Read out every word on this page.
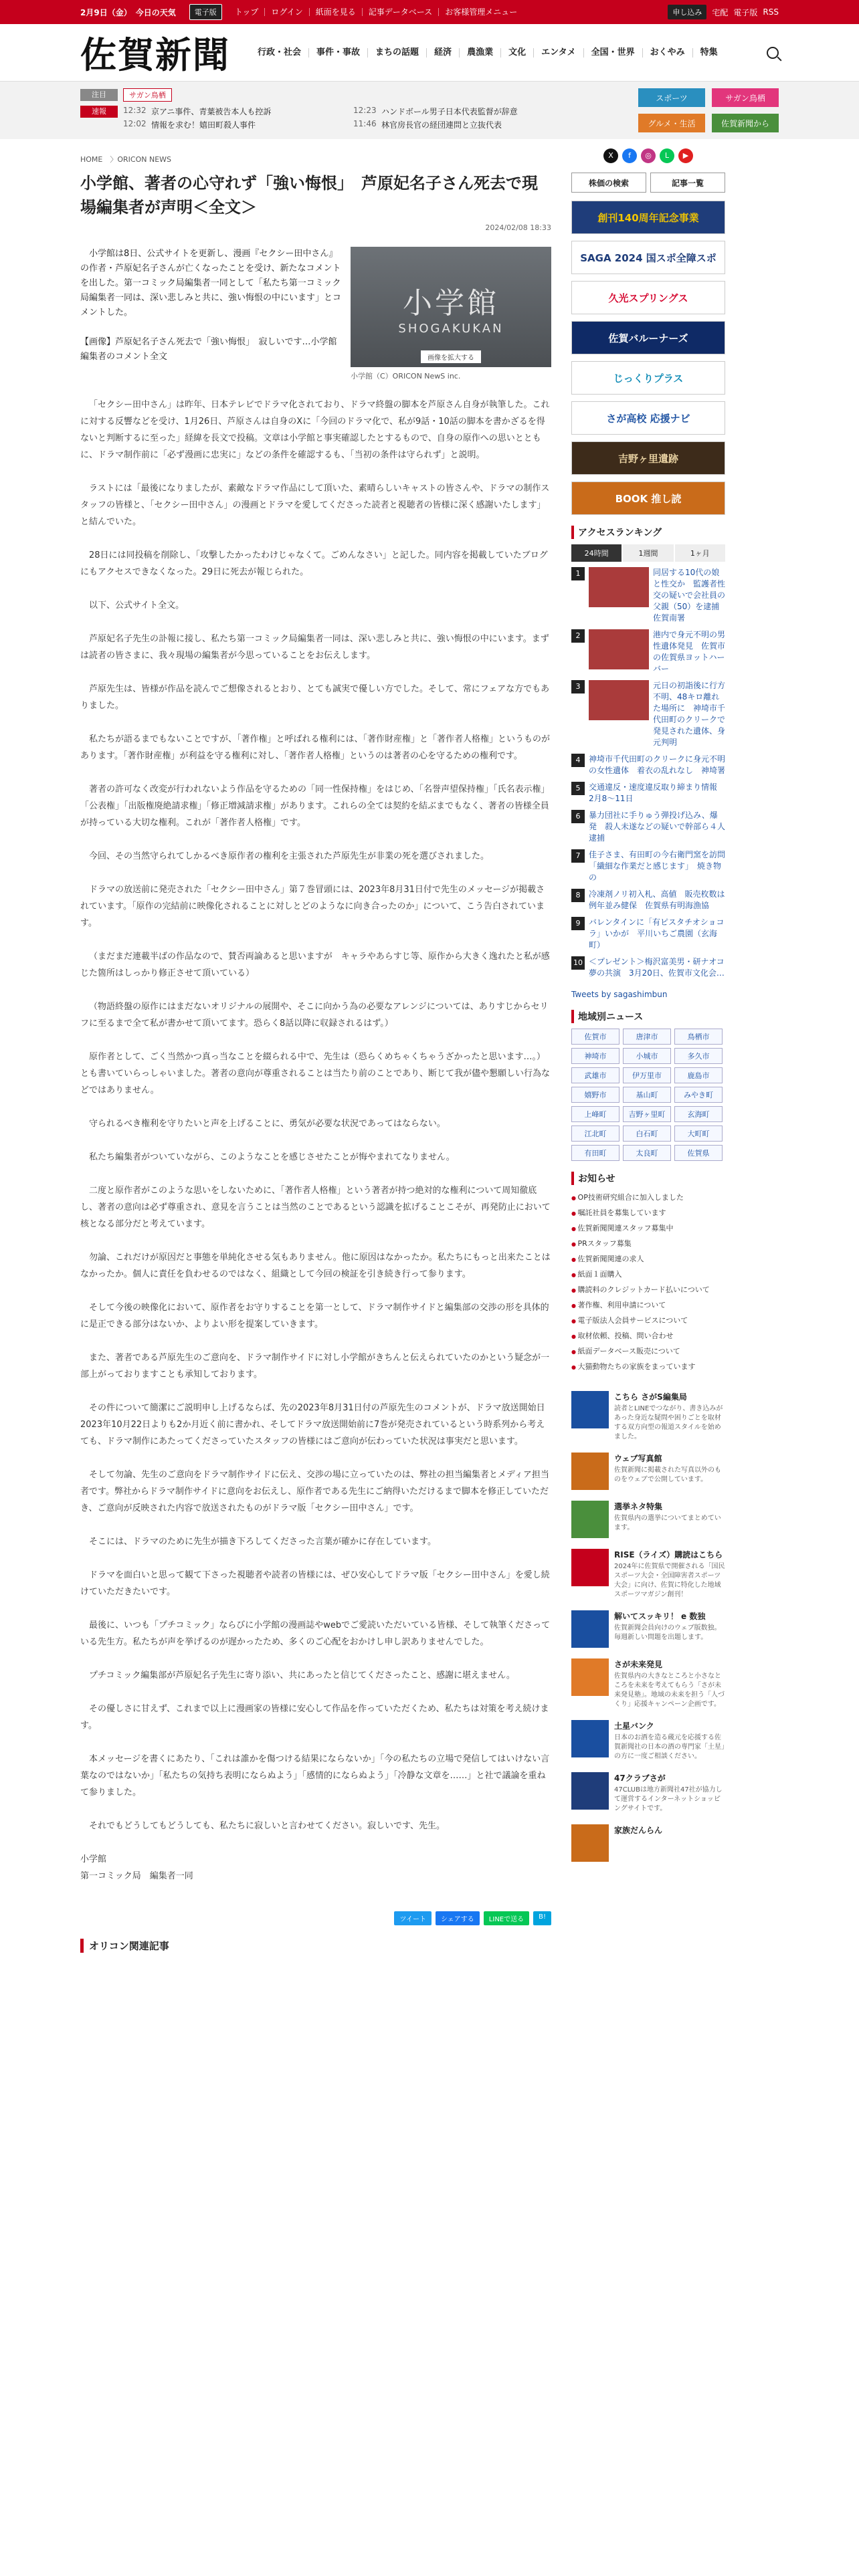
2月9日（金） 今日の天気	電子版	トップ	ログイン	紙面を見る	記事データベース	お客様管理メニュー	申し込み	宅配 電子版 RSS
佐賀新聞	行政・社会	事件・事故	まちの話題	経済	農漁業	文化	エンタメ	全国・世界	おくやみ	特集
注目	サガン鳥栖
速報	12:32 京アニ事件、青葉被告本人も控訴	12:23 ハンドボール男子日本代表監督が辞意
12:02 情報を求む！嬉田町殺人事件	11:46 林官房長官の経団連問と立抜代表
スポーツ	サガン鳥栖
グルメ・生活	佐賀新聞から
HOME　〉ORICON NEWS
小学館、著者の心守れず「強い悔恨」　芦原妃名子さん死去で現場編集者が声明＜全文＞
2024/02/08 18:33

小学館は8日、公式サイトを更新し、漫画『セクシー田中さん』の作者・芦原妃名子さんが亡くなったことを受け、新たなコメントを出した。第一コミック局編集者一同として「私たち第一コミック局編集者一同は、深い悲しみと共に、強い悔恨の中にいます」とコメントした。

【画像】芦原妃名子さん死去で「強い悔恨」　寂しいです…小学館編集者のコメント全文

小学館
SHOGAKUKAN
画像を拡大する
小学館（C）ORICON NewS inc.

「セクシー田中さん」は昨年、日本テレビでドラマ化されており、ドラマ終盤の脚本を芦原さん自身が執筆した。これに対する反響などを受け、1月26日、芦原さんは自身のXに「今回のドラマ化で、私が9話・10話の脚本を書かざるを得ないと判断するに至った」経緯を長文で投稿。文章は小学館と事実確認したとするもので、自身の原作への思いとともに、ドラマ制作前に「必ず漫画に忠実に」などの条件を確認するも、「当初の条件は守られず」と説明。

ラストには「最後になりましたが、素敵なドラマ作品にして頂いた、素晴らしいキャストの皆さんや、ドラマの制作スタッフの皆様と、「セクシー田中さん」の漫画とドラマを愛してくださった読者と視聴者の皆様に深く感謝いたします」と結んでいた。

28日には同投稿を削除し、「攻撃したかったわけじゃなくて。ごめんなさい」と記した。同内容を掲載していたブログにもアクセスできなくなった。29日に死去が報じられた。

以下、公式サイト全文。

芦原妃名子先生の訃報に接し、私たち第一コミック局編集者一同は、深い悲しみと共に、強い悔恨の中にいます。まずは読者の皆さまに、我々現場の編集者が今思っていることをお伝えします。

芦原先生は、皆様が作品を読んでご想像されるとおり、とても誠実で優しい方でした。そして、常にフェアな方でもありました。

私たちが語るまでもないことですが、「著作権」と呼ばれる権利には、「著作財産権」と「著作者人格権」というものがあります。「著作財産権」が利益を守る権利に対し、「著作者人格権」というのは著者の心を守るための権利です。

著者の許可なく改変が行われないよう作品を守るための「同一性保持権」をはじめ、「名誉声望保持権」「氏名表示権」「公表権」「出版権廃絶請求権」「修正増減請求権」があります。これらの全ては契約を結ぶまでもなく、著者の皆様全員が持っている大切な権利。これが「著作者人格権」です。

今回、その当然守られてしかるべき原作者の権利を主張された芦原先生が非業の死を選びされました。

ドラマの放送前に発売された「セクシー田中さん」第７巻冒頭には、2023年8月31日付で先生のメッセージが掲載されています。「原作の完結前に映像化されることに対しとどのようなに向き合ったのか」について、こう告白されています。

（まだまだ連載半ばの作品なので、賛否両論あると思いますが　キャラやあらすじ等、原作から大きく逸れたと私が感じた箇所はしっかり修正させて頂いている）

（物語終盤の原作にはまだないオリジナルの展開や、そこに向かう為の必要なアレンジについては、ありすじからセリフに至るまで全て私が書かせて頂いてます。恐らく8話以降に収録されるはず。）

原作者として、ごく当然かつ真っ当なことを綴られる中で、先生は（恐らくめちゃくちゃうざかったと思います…。）とも書いていらっしゃいました。著者の意向が尊重されることは当たり前のことであり、断じて我が儘や懇願しい行為などではありません。

守られるべき権利を守りたいと声を上げることに、勇気が必要な状況であってはならない。

私たち編集者がついていながら、このようなことを感じさせたことが悔やまれてなりません。

二度と原作者がこのような思いをしないために、「著作者人格権」という著者が持つ絶対的な権利について周知徹底し、著者の意向は必ず尊重され、意見を言うことは当然のことであるという認識を拡げることこそが、再発防止において核となる部分だと考えています。

勿論、これだけが原因だと事態を単純化させる気もありません。他に原因はなかったか。私たちにもっと出来たことはなかったか。個人に責任を負わせるのではなく、組織として今回の検証を引き続き行って参ります。

そして今後の映像化において、原作者をお守りすることを第一として、ドラマ制作サイドと編集部の交渉の形を具体的に是正できる部分はないか、よりよい形を提案していきます。

また、著者である芦原先生のご意向を、ドラマ制作サイドに対し小学館がきちんと伝えられていたのかという疑念が一部上がっておりますことも承知しております。

その件について簡潔にご説明申し上げるならば、先の2023年8月31日付の芦原先生のコメントが、ドラマ放送開始日2023年10月22日よりも2か月近く前に書かれ、そしてドラマ放送開始前に7巻が発売されているという時系列から考えても、ドラマ制作にあたってくださっていたスタッフの皆様にはご意向が伝わっていた状況は事実だと思います。

そして勿論、先生のご意向をドラマ制作サイドに伝え、交渉の場に立っていたのは、弊社の担当編集者とメディア担当者です。弊社からドラマ制作サイドに意向をお伝えし、原作者である先生にご納得いただけるまで脚本を修正していただき、ご意向が反映された内容で放送されたものがドラマ版「セクシー田中さん」です。

そこには、ドラマのために先生が描き下ろしてくださった言葉が確かに存在しています。

ドラマを面白いと思って観て下さった視聴者や読者の皆様には、ぜひ安心してドラマ版「セクシー田中さん」を愛し続けていただきたいです。

最後に、いつも「プチコミック」ならびに小学館の漫画誌やwebでご愛読いただいている皆様、そして執筆くださっている先生方。私たちが声を挙げるのが遅かったため、多くのご心配をおかけし申し訳ありませんでした。

プチコミック編集部が芦原妃名子先生に寄り添い、共にあったと信じてくださったこと、感謝に堪えません。

その優しさに甘えず、これまで以上に漫画家の皆様に安心して作品を作っていただくため、私たちは対策を考え続けます。

本メッセージを書くにあたり、「これは誰かを傷つける結果にならないか」「今の私たちの立場で発信してはいけない言葉なのではないか」「私たちの気持ち表明にならぬよう」「感情的にならぬよう」「冷静な文章を……」と社で議論を重ねて参りました。

それでもどうしてもどうしても、私たちに寂しいと言わせてください。寂しいです、先生。

小学館
第一コミック局　編集者一同
ツイート	シェアする	LINEで送る	B!
オリコン関連記事
X	f	◎	L	▶
株価の検索	記事一覧
創刊140周年記念事業
SAGA 2024 国スポ全障スポ
久光スプリングス
佐賀バルーナーズ
じっくりプラス
さが高校 応援ナビ
吉野ヶ里遺跡
BOOK 推し読
アクセスランキング
24時間	1週間	1ヶ月
1	同居する10代の娘と性交か　監護者性交の疑いで会社員の父親（50）を逮捕　佐賀南署
2	港内で身元不明の男性遺体発見　佐賀市の佐賀県ヨットハーバー
3	元日の初詣後に行方不明、48キロ離れた場所に　神埼市千代田町のクリークで発見された遺体、身元判明
4	神埼市千代田町のクリークに身元不明の女性遺体　着衣の乱れなし　神埼署
5	交通違反・速度違反取り締まり情報　2月8〜11日
6	暴力団社に手りゅう弾投げ込み、爆発　殺人未遂などの疑いで幹部ら４人逮捕
7	佳子さま、有田町の今右衛門窯を訪問　「繊細な作業だと感じます」　焼き物の
8	冷凍剤ノリ初入札、高値　販売枚数は例年並み健保　佐賀県有明海漁協
9	バレンタインに「有ピスタチオショコラ」いかが　平川いちご農園（玄海町）
10 ＜プレゼント＞梅沢富美男・研ナオコ 夢の共演　3月20日、佐賀市文化会…
Tweets by sagashimbun
地域別ニュース
佐賀市	唐津市	鳥栖市
神埼市	小城市	多久市
武雄市	伊万里市	鹿島市
嬉野市	基山町	みやき町
上峰町	吉野ヶ里町	玄海町
江北町	白石町	大町町
有田町	太良町	佐賀県
お知らせ
● OP技術研究組合に加入しました
● 嘱託社員を募集しています
● 佐賀新聞関連スタッフ募集中
● PRスタッフ募集
● 佐賀新聞関連の求人
● 紙面１面購入
● 購読料のクレジットカード払いについて
● 著作権、利用申請について
● 電子版法人会員サービスについて
● 取材依頼、投稿、問い合わせ
● 紙面データベース販売について
● 大猫動物たちの家族をまっています
こちら さがS編集局
読者とLINEでつながり、書き込みがあった身近な疑問や困りごとを取材する双方向型の報道スタイルを始めました。
ウェブ写真館
佐賀新聞に掲載された写真以外のものをウェブで公開しています。
選挙ネタ特集
佐賀県内の選挙についてまとめています。
RISE（ライズ）購読はこちら
2024年に佐賀県で開催される「国民スポーツ大会・全国障害者スポーツ大会」に向け、佐賀に特化した地域スポーツマガジン創刊！
解いてスッキリ！ e 数独
佐賀新聞会員向けのウェブ版数独。毎週新しい問題を出題します。
さが未来発見
佐賀県内の大きなところと小さなところを未来を考えてもらう「さが未来発見塾」。地域の未来を担う「人づくり」応援キャンペーン企画です。
土星バンク
日本のお酒を造る蔵元を応援する佐賀新聞社の日本の酒の専門家「土星」の方に一度ご相談ください。
47クラブさが
47CLUBは地方新聞社47社が協力して運営するインターネットショッピングサイトです。
家族だんらん
